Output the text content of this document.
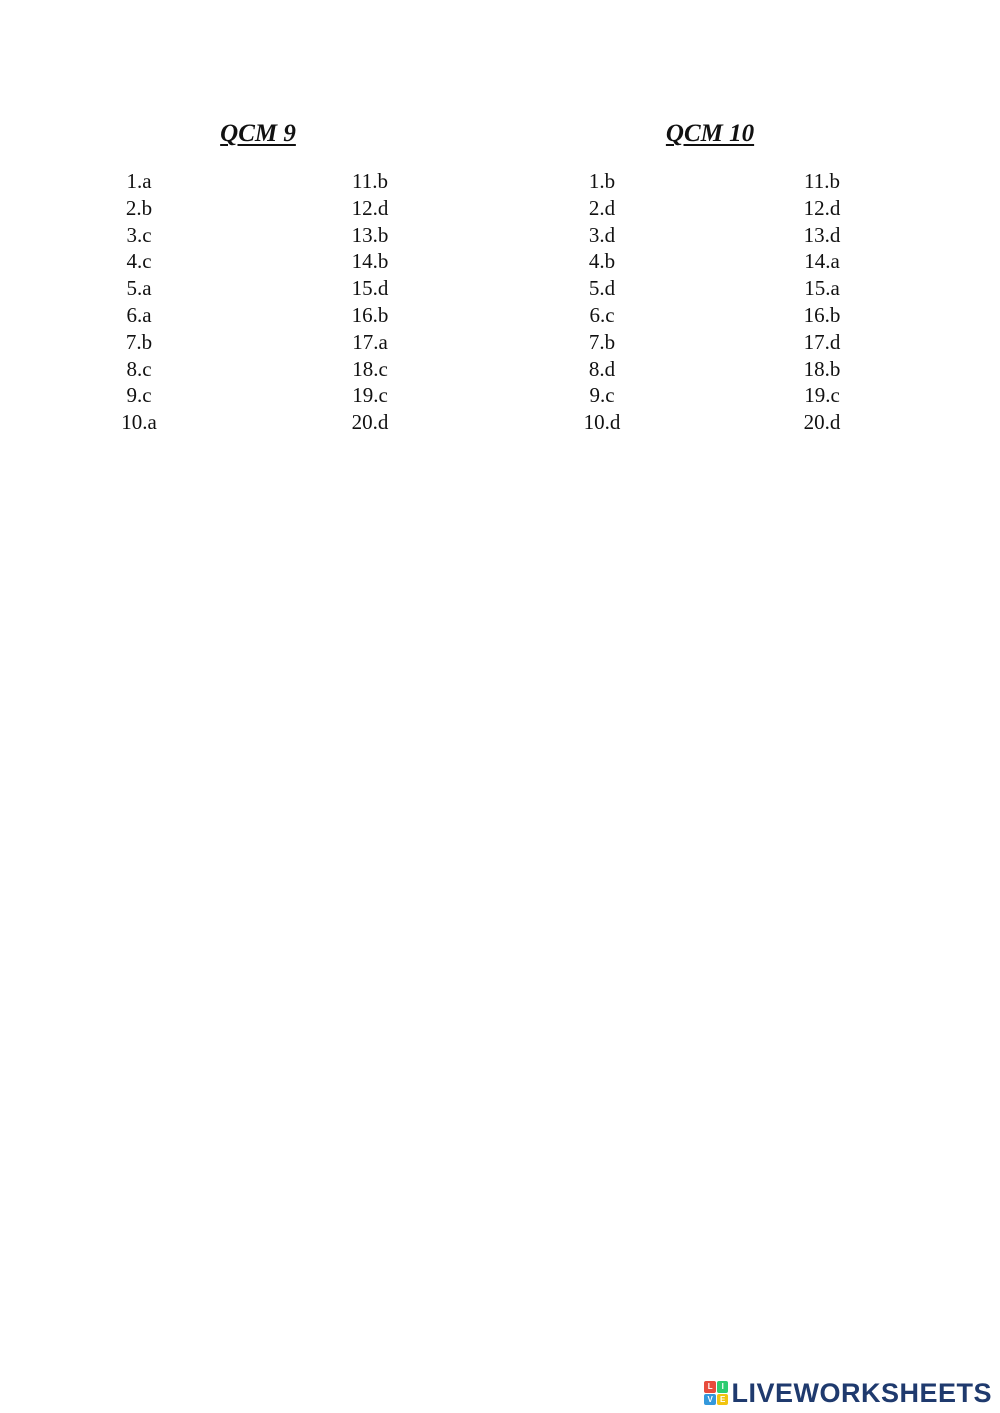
QCM 9	QCM 10
1.a
2.b
3.c
4.c
5.a
6.a
7.b
8.c
9.c
10.a
11.b
12.d
13.b
14.b
15.d
16.b
17.a
18.c
19.c
20.d
1.b
2.d
3.d
4.b
5.d
6.c
7.b
8.d
9.c
10.d
11.b
12.d
13.d
14.a
15.a
16.b
17.d
18.b
19.c
20.d
L	I
V E LIVEWORKSHEETS
